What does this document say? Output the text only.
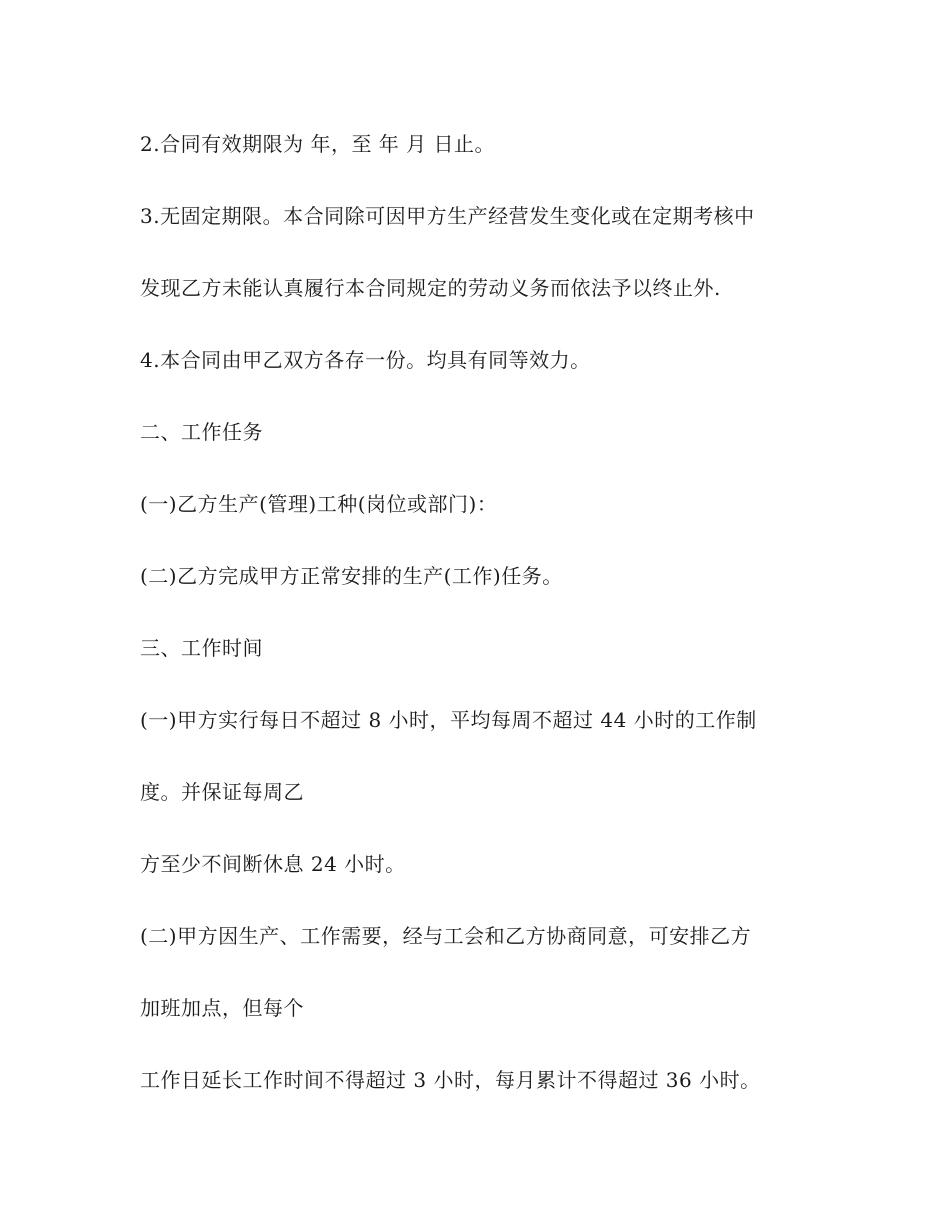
2.合同有效期限为 年，至 年 月 日止。
3.无固定期限。本合同除可因甲方生产经营发生变化或在定期考核中
发现乙方未能认真履行本合同规定的劳动义务而依法予以终止外.
4.本合同由甲乙双方各存一份。均具有同等效力。
二、工作任务
(一)乙方生产(管理)工种(岗位或部门)：
(二)乙方完成甲方正常安排的生产(工作)任务。
三、工作时间
(一)甲方实行每日不超过 8 小时，平均每周不超过 44 小时的工作制
度。并保证每周乙
方至少不间断休息 24 小时。
(二)甲方因生产、工作需要，经与工会和乙方协商同意，可安排乙方
加班加点，但每个
工作日延长工作时间不得超过 3 小时，每月累计不得超过 36 小时。
